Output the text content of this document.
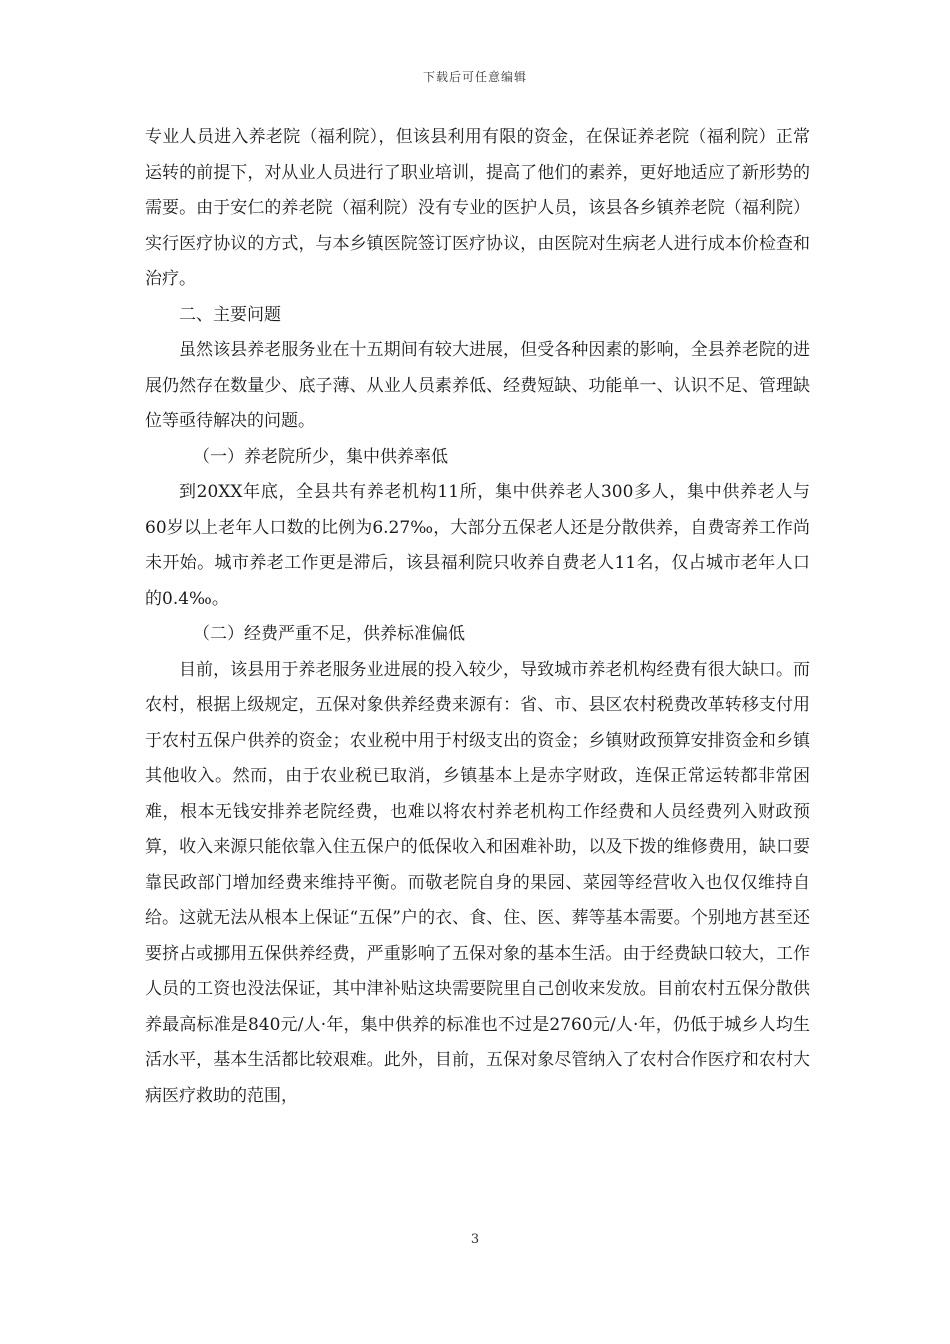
下载后可任意编辑

专业人员进入养老院（福利院），但该县利用有限的资金，在保证养老院（福利院）正常运转的前提下，对从业人员进行了职业培训，提高了他们的素养，更好地适应了新形势的需要。由于安仁的养老院（福利院）没有专业的医护人员，该县各乡镇养老院（福利院）实行医疗协议的方式，与本乡镇医院签订医疗协议，由医院对生病老人进行成本价检查和治疗。

二、主要问题

虽然该县养老服务业在十五期间有较大进展，但受各种因素的影响，全县养老院的进展仍然存在数量少、底子薄、从业人员素养低、经费短缺、功能单一、认识不足、管理缺位等亟待解决的问题。

（一）养老院所少，集中供养率低

到20XX年底，全县共有养老机构11所，集中供养老人300多人，集中供养老人与60岁以上老年人口数的比例为6.27‰，大部分五保老人还是分散供养，自费寄养工作尚未开始。城市养老工作更是滞后，该县福利院只收养自费老人11名，仅占城市老年人口的0.4‰。

（二）经费严重不足，供养标准偏低

目前，该县用于养老服务业进展的投入较少，导致城市养老机构经费有很大缺口。而农村，根据上级规定，五保对象供养经费来源有：省、市、县区农村税费改革转移支付用于农村五保户供养的资金；农业税中用于村级支出的资金；乡镇财政预算安排资金和乡镇其他收入。然而，由于农业税已取消，乡镇基本上是赤字财政，连保正常运转都非常困难，根本无钱安排养老院经费，也难以将农村养老机构工作经费和人员经费列入财政预算，收入来源只能依靠入住五保户的低保收入和困难补助，以及下拨的维修费用，缺口要靠民政部门增加经费来维持平衡。而敬老院自身的果园、菜园等经营收入也仅仅维持自给。这就无法从根本上保证“五保”户的衣、食、住、医、葬等基本需要。个别地方甚至还要挤占或挪用五保供养经费，严重影响了五保对象的基本生活。由于经费缺口较大，工作人员的工资也没法保证，其中津补贴这块需要院里自己创收来发放。目前农村五保分散供养最高标准是840元/人·年，集中供养的标准也不过是2760元/人·年，仍低于城乡人均生活水平，基本生活都比较艰难。此外，目前，五保对象尽管纳入了农村合作医疗和农村大病医疗救助的范围，

3
